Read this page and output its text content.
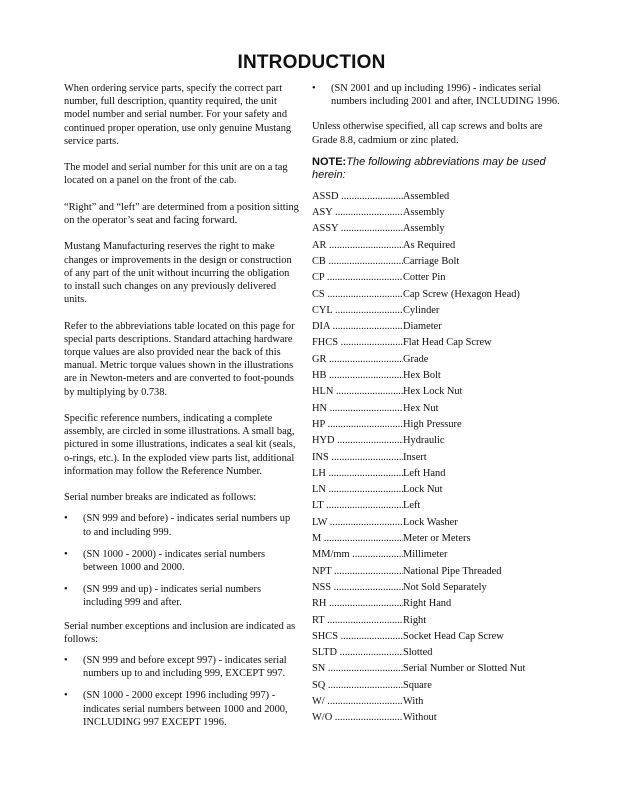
INTRODUCTION

When ordering service parts, specify the correct part number, full description, quantity required, the unit model number and serial number. For your safety and continued proper operation, use only genuine Mustang service parts.

The model and serial number for this unit are on a tag located on a panel on the front of the cab.

“Right” and “left” are determined from a position sitting on the operator’s seat and facing forward.

Mustang Manufacturing reserves the right to make changes or improvements in the design or construction of any part of the unit without incurring the obligation to install such changes on any previously delivered units.

Refer to the abbreviations table located on this page for special parts descriptions. Standard attaching hardware torque values are also provided near the back of this manual. Metric torque values shown in the illustrations are in Newton-meters and are converted to foot-pounds by multiplying by 0.738.

Specific reference numbers, indicating a complete assembly, are circled in some illustrations. A small bag, pictured in some illustrations, indicates a seal kit (seals, o-rings, etc.). In the exploded view parts list, additional information may follow the Reference Number.

Serial number breaks are indicated as follows:

• (SN 999 and before) - indicates serial numbers up to and including 999.
• (SN 1000 - 2000) - indicates serial numbers between 1000 and 2000.
• (SN 999 and up) - indicates serial numbers including 999 and after.

Serial number exceptions and inclusion are indicated as follows:

• (SN 999 and before except 997) - indicates serial numbers up to and including 999, EXCEPT 997.
• (SN 1000 - 2000 except 1996 including 997) - indicates serial numbers between 1000 and 2000, INCLUDING 997 EXCEPT 1996.
• (SN 2001 and up including 1996) - indicates serial numbers including 2001 and after, INCLUDING 1996.

Unless otherwise specified, all cap screws and bolts are Grade 8.8, cadmium or zinc plated.

NOTE:The following abbreviations may be used herein:
ASSD .....	Assembled
ASY .....	Assembly
ASSY .....	Assembly
AR .....	As Required
CB .....	Carriage Bolt
CP .....	Cotter Pin
CS .....	Cap Screw (Hexagon Head)
CYL .....	Cylinder
DIA .....	Diameter
FHCS .....	Flat Head Cap Screw
GR .....	Grade
HB .....	Hex Bolt
HLN .....	Hex Lock Nut
HN .....	Hex Nut
HP .....	High Pressure
HYD .....	Hydraulic
INS .....	Insert
LH .....	Left Hand
LN .....	Lock Nut
LT .....	Left
LW .....	Lock Washer
M .....	Meter or Meters
MM/mm .....	Millimeter
NPT .....	National Pipe Threaded
NSS .....	Not Sold Separately
RH .....	Right Hand
RT .....	Right
SHCS .....	Socket Head Cap Screw
SLTD .....	Slotted
SN .....	Serial Number or Slotted Nut
SQ .....	Square
W/ .....	With
W/O .....	Without
